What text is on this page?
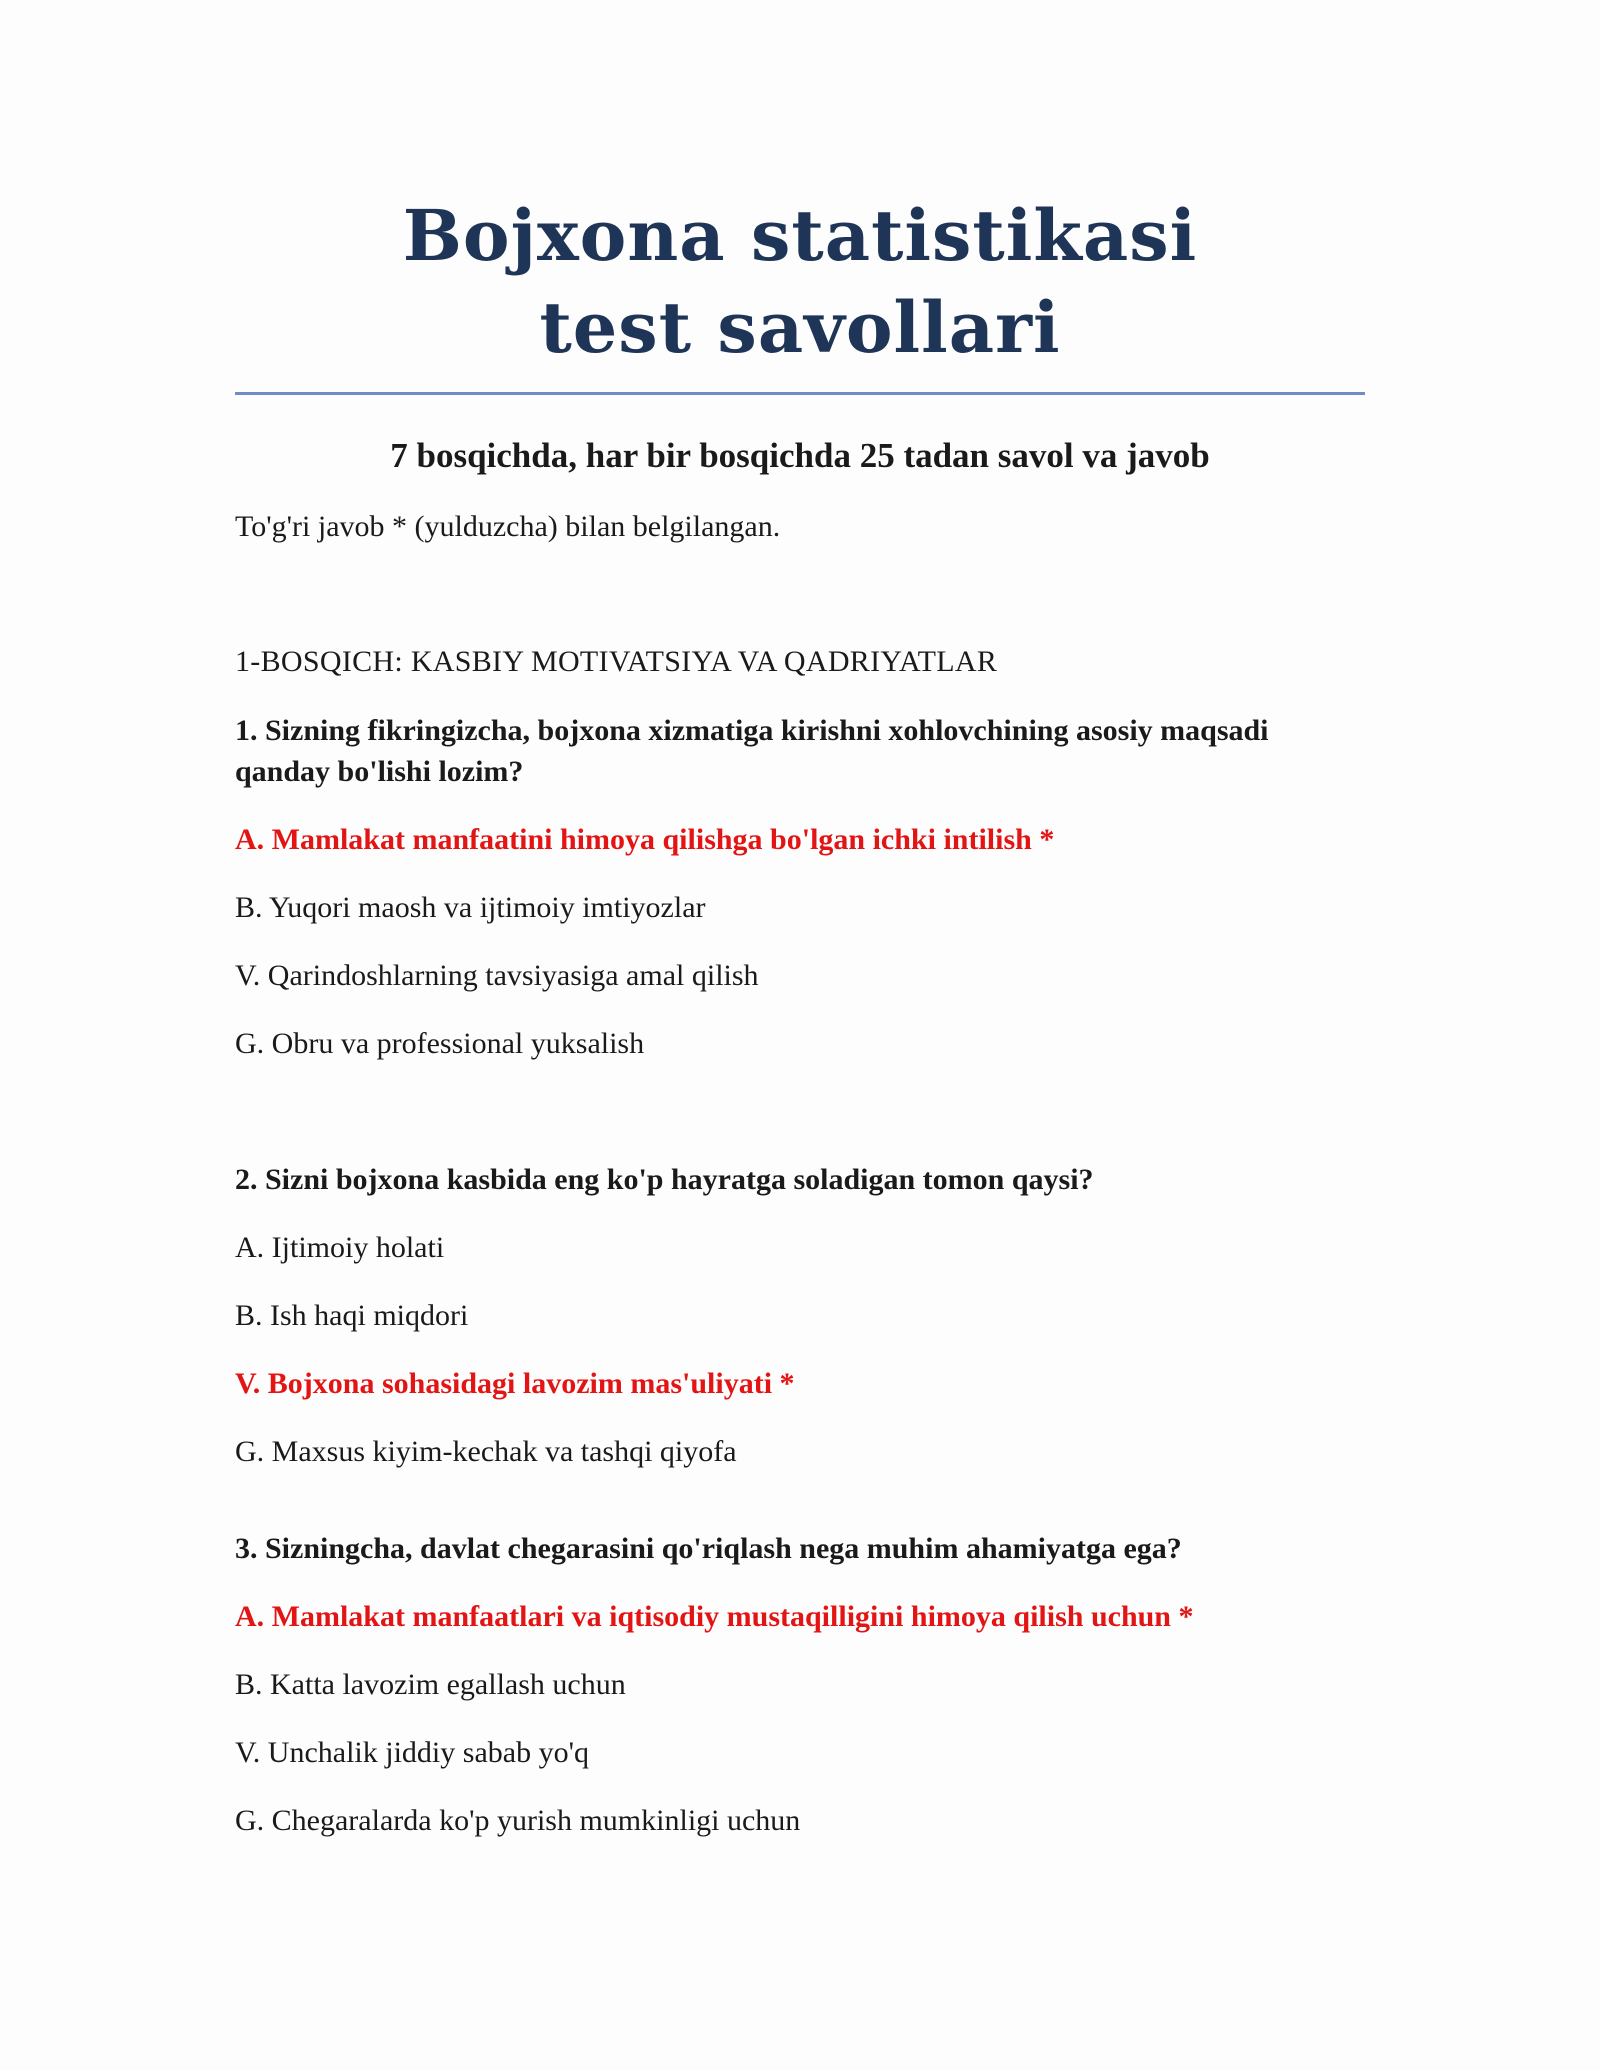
Bojxona statistikasi test savollari
7 bosqichda, har bir bosqichda 25 tadan savol va javob
To'g'ri javob * (yulduzcha) bilan belgilangan.
1-BOSQICH: KASBIY MOTIVATSIYA VA QADRIYATLAR
1. Sizning fikringizcha, bojxona xizmatiga kirishni xohlovchining asosiy maqsadi qanday bo'lishi lozim?
A. Mamlakat manfaatini himoya qilishga bo'lgan ichki intilish *
B. Yuqori maosh va ijtimoiy imtiyozlar
V. Qarindoshlarning tavsiyasiga amal qilish
G. Obru va professional yuksalish
2. Sizni bojxona kasbida eng ko'p hayratga soladigan tomon qaysi?
A. Ijtimoiy holati
B. Ish haqi miqdori
V. Bojxona sohasidagi lavozim mas'uliyati *
G. Maxsus kiyim-kechak va tashqi qiyofa
3. Sizningcha, davlat chegarasini qo'riqlash nega muhim ahamiyatga ega?
A. Mamlakat manfaatlari va iqtisodiy mustaqilligini himoya qilish uchun *
B. Katta lavozim egallash uchun
V. Unchalik jiddiy sabab yo'q
G. Chegaralarda ko'p yurish mumkinligi uchun
